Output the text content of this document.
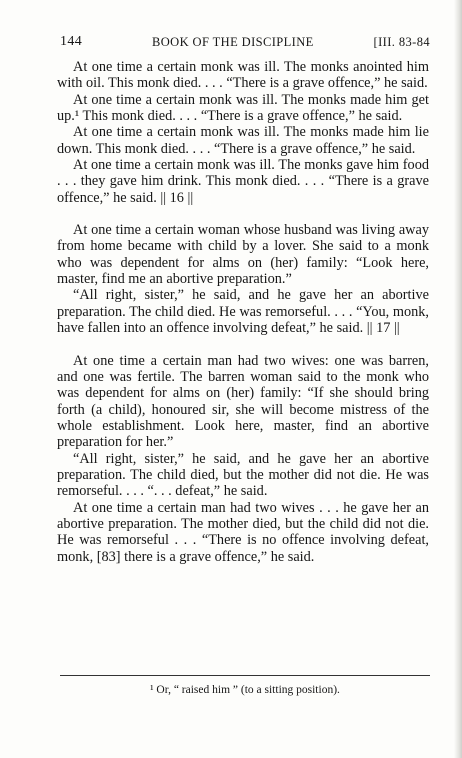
144	BOOK OF THE DISCIPLINE	[III. 83-84

At one time a certain monk was ill. The monks anointed him with oil. This monk died. . . . “There is a grave offence,” he said.

At one time a certain monk was ill. The monks made him get up.¹ This monk died. . . . “There is a grave offence,” he said.

At one time a certain monk was ill. The monks made him lie down. This monk died. . . . “There is a grave offence,” he said.

At one time a certain monk was ill. The monks gave him food . . . they gave him drink. This monk died. . . . “There is a grave offence,” he said. || 16 ||

At one time a certain woman whose husband was living away from home became with child by a lover. She said to a monk who was dependent for alms on (her) family: “Look here, master, find me an abortive preparation.”

“All right, sister,” he said, and he gave her an abortive preparation. The child died. He was remorseful. . . . “You, monk, have fallen into an offence involving defeat,” he said. || 17 ||

At one time a certain man had two wives: one was barren, and one was fertile. The barren woman said to the monk who was dependent for alms on (her) family: “If she should bring forth (a child), honoured sir, she will become mistress of the whole establishment. Look here, master, find an abortive preparation for her.”

“All right, sister,” he said, and he gave her an abortive preparation. The child died, but the mother did not die. He was remorseful. . . . “. . . defeat,” he said.

At one time a certain man had two wives . . . he gave her an abortive preparation. The mother died, but the child did not die. He was remorseful . . . “There is no offence involving defeat, monk, [83] there is a grave offence,” he said.

¹ Or, “ raised him ” (to a sitting position).
